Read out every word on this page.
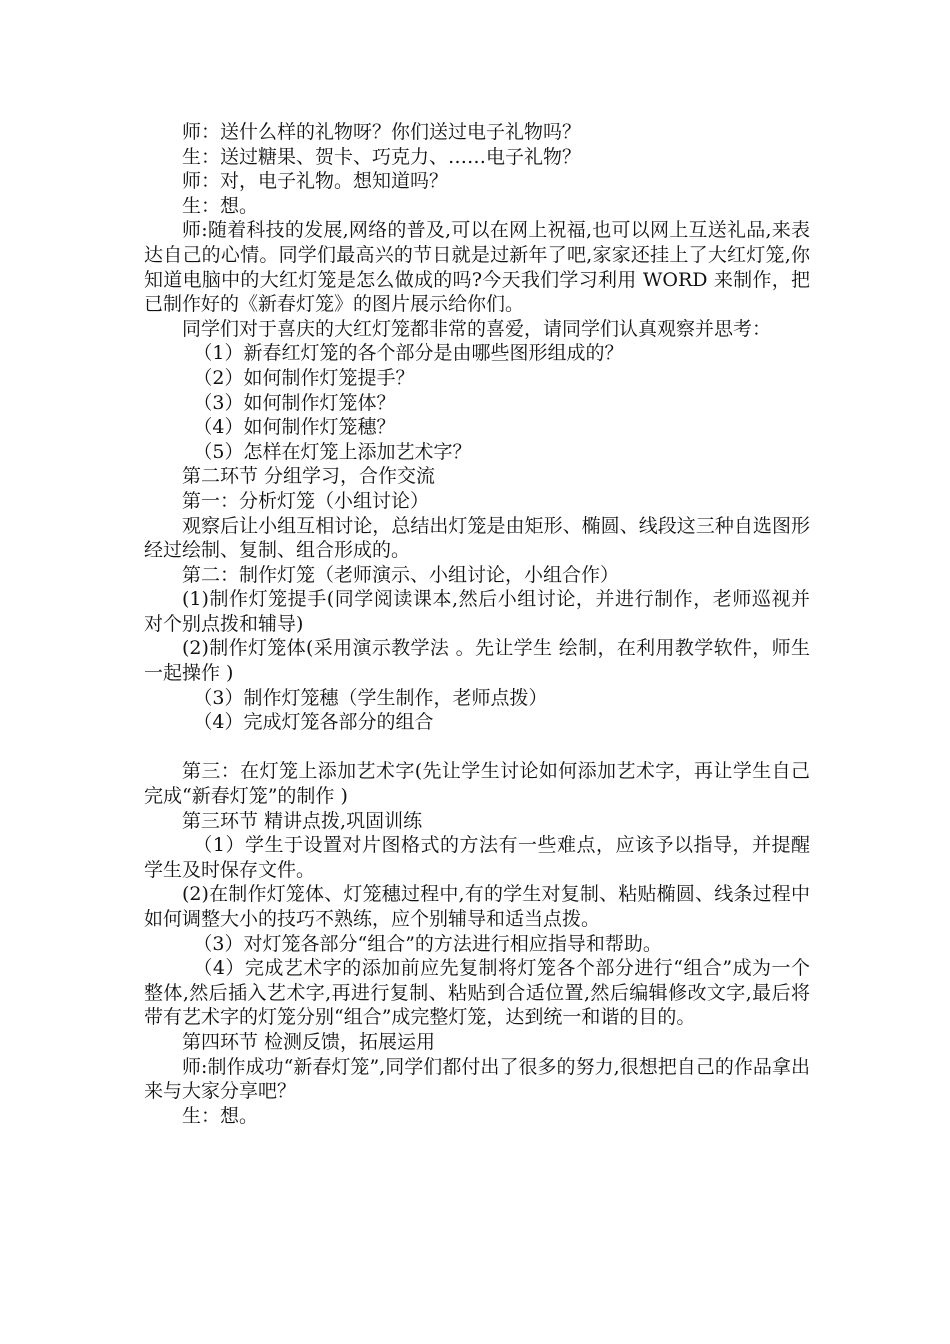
师：送什么样的礼物呀？你们送过电子礼物吗？

生：送过糖果、贺卡、巧克力、……电子礼物？

师：对，电子礼物。想知道吗？

生：想。

师:随着科技的发展,网络的普及,可以在网上祝福,也可以网上互送礼品,来表达自己的心情。同学们最高兴的节日就是过新年了吧,家家还挂上了大红灯笼,你知道电脑中的大红灯笼是怎么做成的吗?今天我们学习利用 WORD 来制作，把已制作好的《新春灯笼》的图片展示给你们。

同学们对于喜庆的大红灯笼都非常的喜爱，请同学们认真观察并思考：

（1）新春红灯笼的各个部分是由哪些图形组成的？

（2）如何制作灯笼提手？

（3）如何制作灯笼体？

（4）如何制作灯笼穗？

（5）怎样在灯笼上添加艺术字？

第二环节 分组学习，合作交流

第一：分析灯笼（小组讨论）

观察后让小组互相讨论，总结出灯笼是由矩形、椭圆、线段这三种自选图形经过绘制、复制、组合形成的。

第二：制作灯笼（老师演示、小组讨论，小组合作）

(1)制作灯笼提手(同学阅读课本,然后小组讨论，并进行制作，老师巡视并对个别点拨和辅导)

(2)制作灯笼体(采用演示教学法 。先让学生 绘制，在利用教学软件，师生一起操作 )

（3）制作灯笼穗（学生制作，老师点拨）

（4）完成灯笼各部分的组合

第三：在灯笼上添加艺术字(先让学生讨论如何添加艺术字，再让学生自己完成“新春灯笼”的制作 )

第三环节 精讲点拨,巩固训练

（1）学生于设置对片图格式的方法有一些难点，应该予以指导，并提醒学生及时保存文件。

(2)在制作灯笼体、灯笼穗过程中,有的学生对复制、粘贴椭圆、线条过程中如何调整大小的技巧不熟练，应个别辅导和适当点拨。

（3）对灯笼各部分“组合”的方法进行相应指导和帮助。

（4）完成艺术字的添加前应先复制将灯笼各个部分进行“组合”成为一个整体,然后插入艺术字,再进行复制、粘贴到合适位置,然后编辑修改文字,最后将带有艺术字的灯笼分别“组合”成完整灯笼，达到统一和谐的目的。

第四环节 检测反馈，拓展运用

师:制作成功“新春灯笼”,同学们都付出了很多的努力,很想把自己的作品拿出来与大家分享吧？

生：想。
